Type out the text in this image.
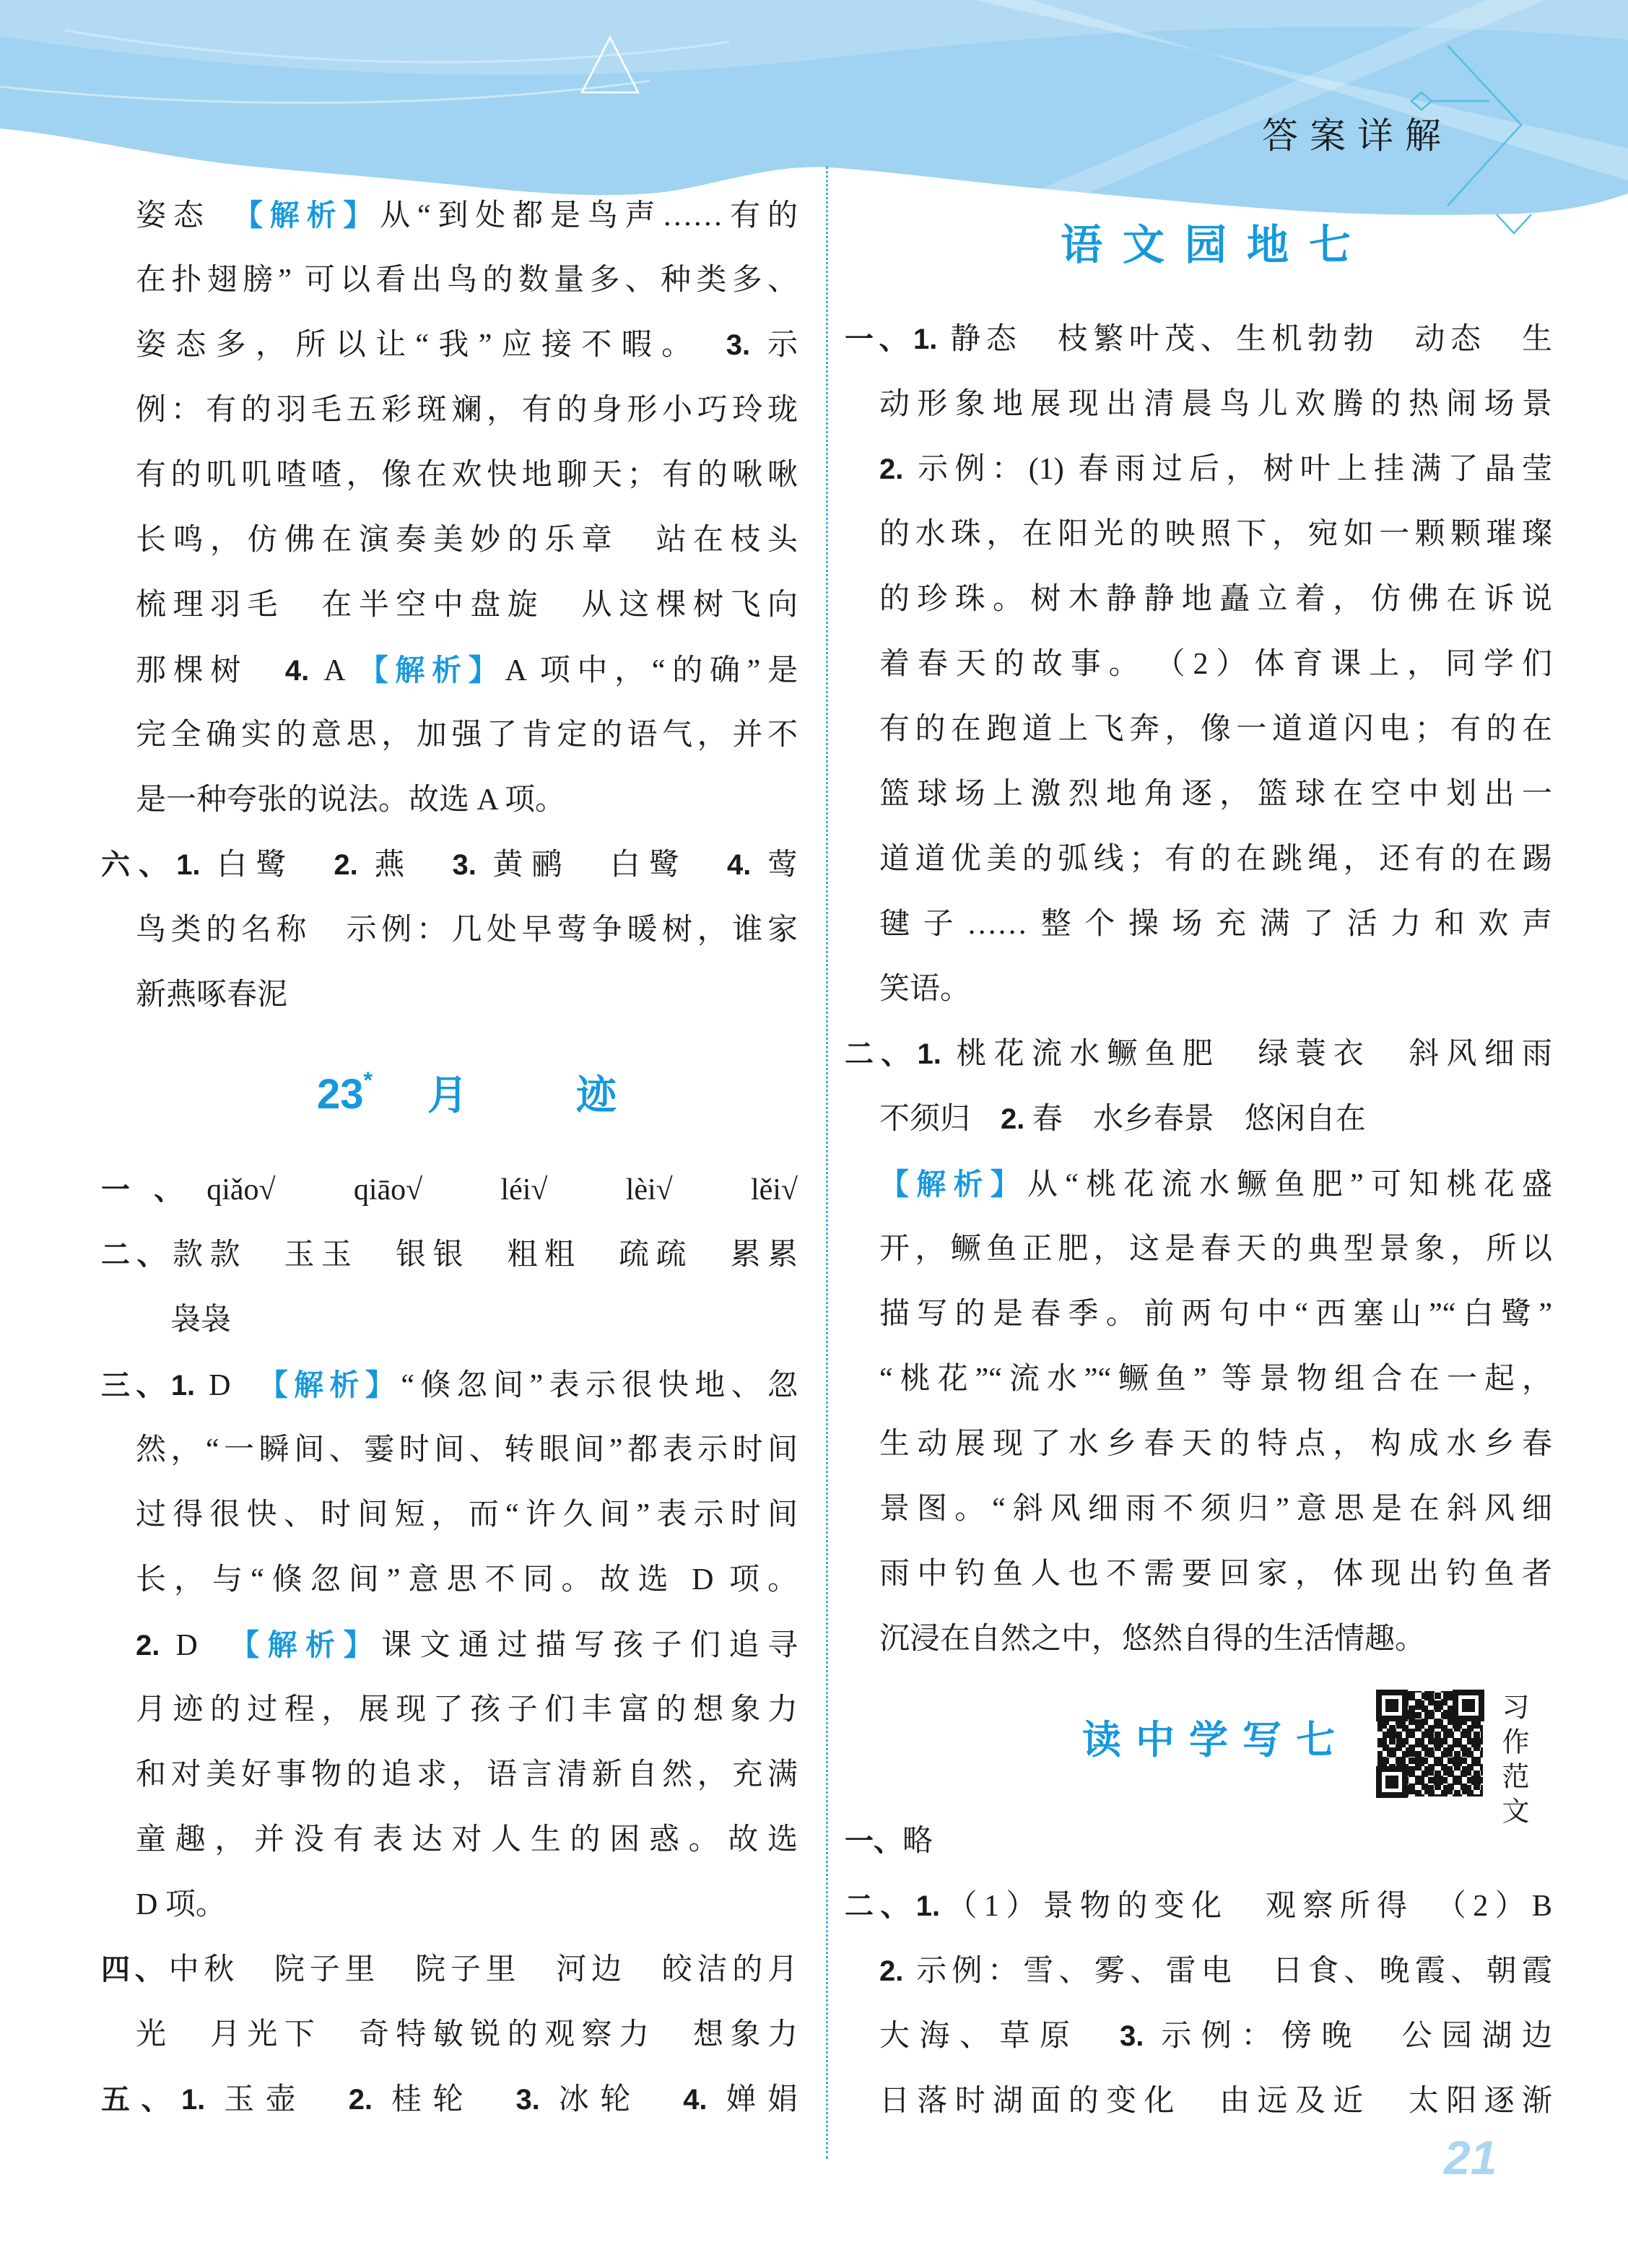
答案详解
姿态　【解析】从“到处都是鸟声……有的
在扑翅膀” 可以看出鸟的数量多、种类多、
姿态多，所以让“我”应接不暇。　3. 示
例：有的羽毛五彩斑斓，有的身形小巧玲珑
有的叽叽喳喳，像在欢快地聊天；有的啾啾
长鸣，仿佛在演奏美妙的乐章　站在枝头
梳理羽毛　在半空中盘旋　从这棵树飞向
那棵树　4. A 【解析】A 项中，“的确”是
完全确实的意思，加强了肯定的语气，并不
是一种夸张的说法。故选 A 项。
六、1. 白鹭　2. 燕　3. 黄鹂　白鹭　4. 莺
鸟类的名称　示例：几处早莺争暖树，谁家
新燕啄春泥
23* 月	迹
一、qiǎo√　qiāo√　léi√　lèi√　lěi√
二、款款　玉玉　银银　粗粗　疏疏　累累
袅袅
三、1. D　【解析】“倏忽间”表示很快地、忽
然，“一瞬间、霎时间、转眼间”都表示时间
过得很快、时间短，而“许久间”表示时间
长，与“倏忽间”意思不同。故选 D 项。
2. D　【解析】课文通过描写孩子们追寻
月迹的过程，展现了孩子们丰富的想象力
和对美好事物的追求，语言清新自然，充满
童趣，并没有表达对人生的困惑。故选
D 项。
四、中秋　院子里　院子里　河边　皎洁的月
光　月光下　奇特敏锐的观察力　想象力
五、1. 玉壶　2. 桂轮　3. 冰轮　4. 婵娟
语文园地七
一、1. 静态　枝繁叶茂、生机勃勃　动态　生
动形象地展现出清晨鸟儿欢腾的热闹场景
2. 示例：(1) 春雨过后，树叶上挂满了晶莹
的水珠，在阳光的映照下，宛如一颗颗璀璨
的珍珠。树木静静地矗立着，仿佛在诉说
着春天的故事。　（2）体育课上，同学们
有的在跑道上飞奔，像一道道闪电；有的在
篮球场上激烈地角逐，篮球在空中划出一
道道优美的弧线；有的在跳绳，还有的在踢
毽子……整个操场充满了活力和欢声
笑语。
二、1. 桃花流水鳜鱼肥　绿蓑衣　斜风细雨
不须归　2. 春　水乡春景　悠闲自在
【解析】从“桃花流水鳜鱼肥”可知桃花盛
开，鳜鱼正肥，这是春天的典型景象，所以
描写的是春季。前两句中“西塞山”“白鹭”
“桃花”“流水”“鳜鱼” 等景物组合在一起，
生动展现了水乡春天的特点，构成水乡春
景图。“斜风细雨不须归”意思是在斜风细
雨中钓鱼人也不需要回家，体现出钓鱼者
沉浸在自然之中，悠然自得的生活情趣。
读中学写七
一、略
二、1.（1）景物的变化　观察所得　（2）B
2. 示例：雪、雾、雷电　日食、晚霞、朝霞
大海、草原　3. 示例：傍晚　公园湖边
日落时湖面的变化　由远及近　太阳逐渐
习作范文
21
